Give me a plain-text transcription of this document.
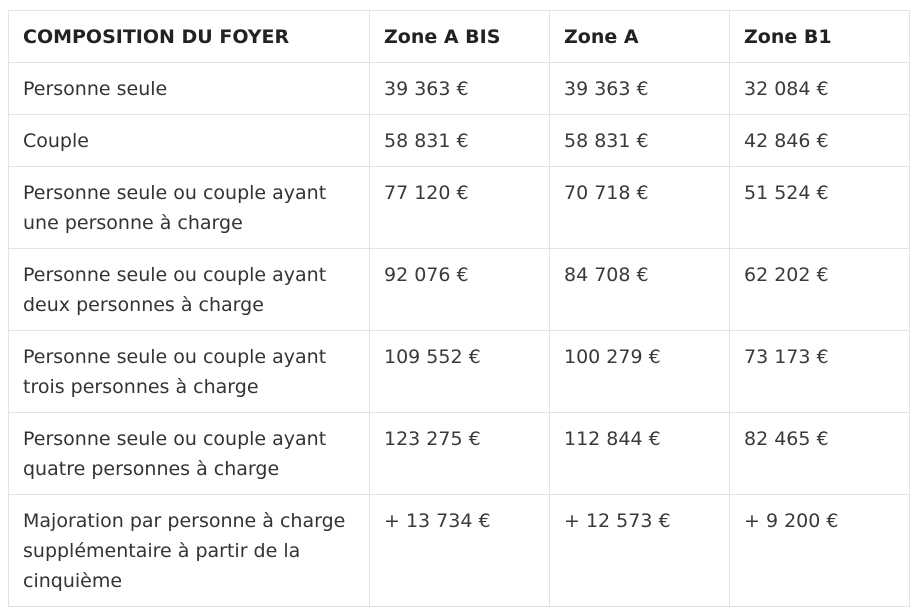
COMPOSITION DU FOYER	Zone A BIS	Zone A	Zone B1
Personne seule	39 363 €	39 363 €	32 084 €
Couple	58 831 €	58 831 €	42 846 €
Personne seule ou couple ayant une personne à charge	77 120 €	70 718 €	51 524 €
Personne seule ou couple ayant deux personnes à charge	92 076 €	84 708 €	62 202 €
Personne seule ou couple ayant trois personnes à charge	109 552 €	100 279 €	73 173 €
Personne seule ou couple ayant quatre personnes à charge	123 275 €	112 844 €	82 465 €
Majoration par personne à charge supplémentaire à partir de la cinquième	+ 13 734 €	+ 12 573 €	+ 9 200 €
